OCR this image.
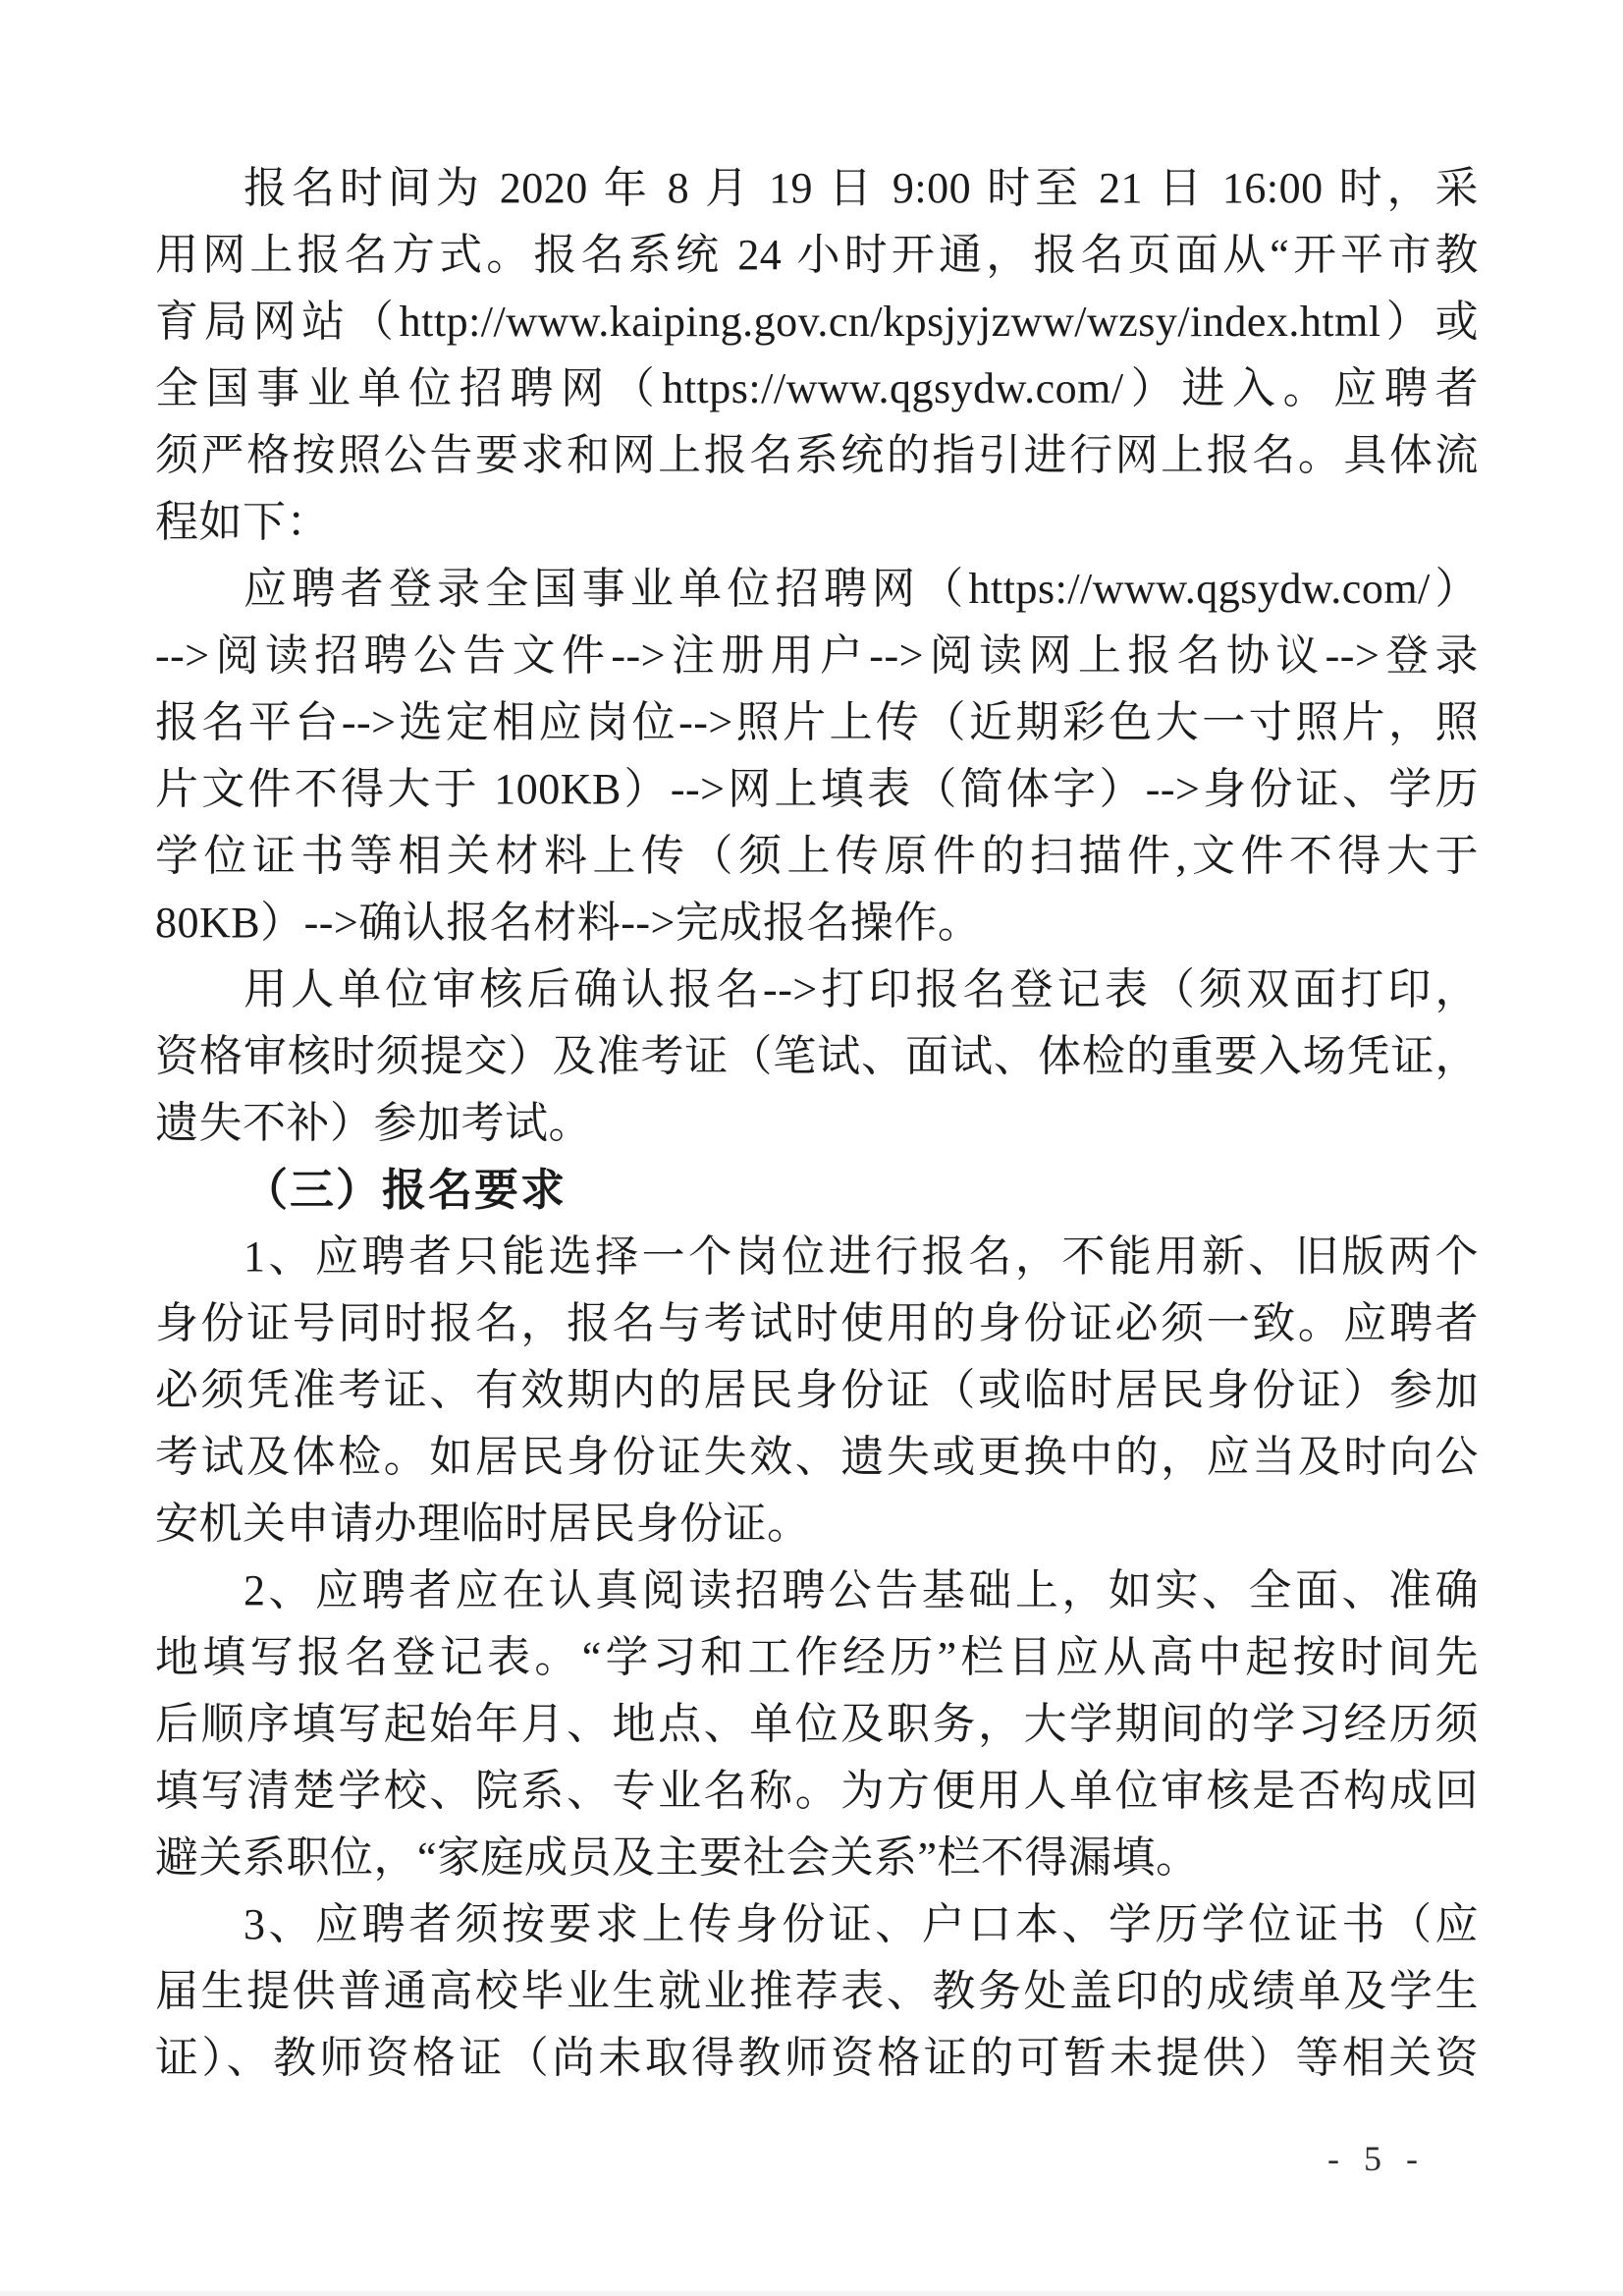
报名时间为 2020 年 8 月 19 日 9:00 时至 21 日 16:00 时，采
用网上报名方式。报名系统 24 小时开通，报名页面从“开平市教
育局网站（http://www.kaiping.gov.cn/kpsjyjzww/wzsy/index.html）或
全国事业单位招聘网（https://www.qgsydw.com/）进入。应聘者
须严格按照公告要求和网上报名系统的指引进行网上报名。具体流
程如下：
应聘者登录全国事业单位招聘网（https://www.qgsydw.com/）
-->阅读招聘公告文件-->注册用户-->阅读网上报名协议-->登录
报名平台-->选定相应岗位-->照片上传（近期彩色大一寸照片，照
片文件不得大于 100KB）-->网上填表（简体字）-->身份证、学历
学位证书等相关材料上传（须上传原件的扫描件,文件不得大于
80KB）-->确认报名材料-->完成报名操作。
用人单位审核后确认报名-->打印报名登记表（须双面打印，
资格审核时须提交）及准考证（笔试、面试、体检的重要入场凭证，
遗失不补）参加考试。
（三）报名要求
1、应聘者只能选择一个岗位进行报名，不能用新、旧版两个
身份证号同时报名，报名与考试时使用的身份证必须一致。应聘者
必须凭准考证、有效期内的居民身份证（或临时居民身份证）参加
考试及体检。如居民身份证失效、遗失或更换中的，应当及时向公
安机关申请办理临时居民身份证。
2、应聘者应在认真阅读招聘公告基础上，如实、全面、准确
地填写报名登记表。“学习和工作经历”栏目应从高中起按时间先
后顺序填写起始年月、地点、单位及职务，大学期间的学习经历须
填写清楚学校、院系、专业名称。为方便用人单位审核是否构成回
避关系职位，“家庭成员及主要社会关系”栏不得漏填。
3、应聘者须按要求上传身份证、户口本、学历学位证书（应
届生提供普通高校毕业生就业推荐表、教务处盖印的成绩单及学生
证）、教师资格证（尚未取得教师资格证的可暂未提供）等相关资
- 5 -
